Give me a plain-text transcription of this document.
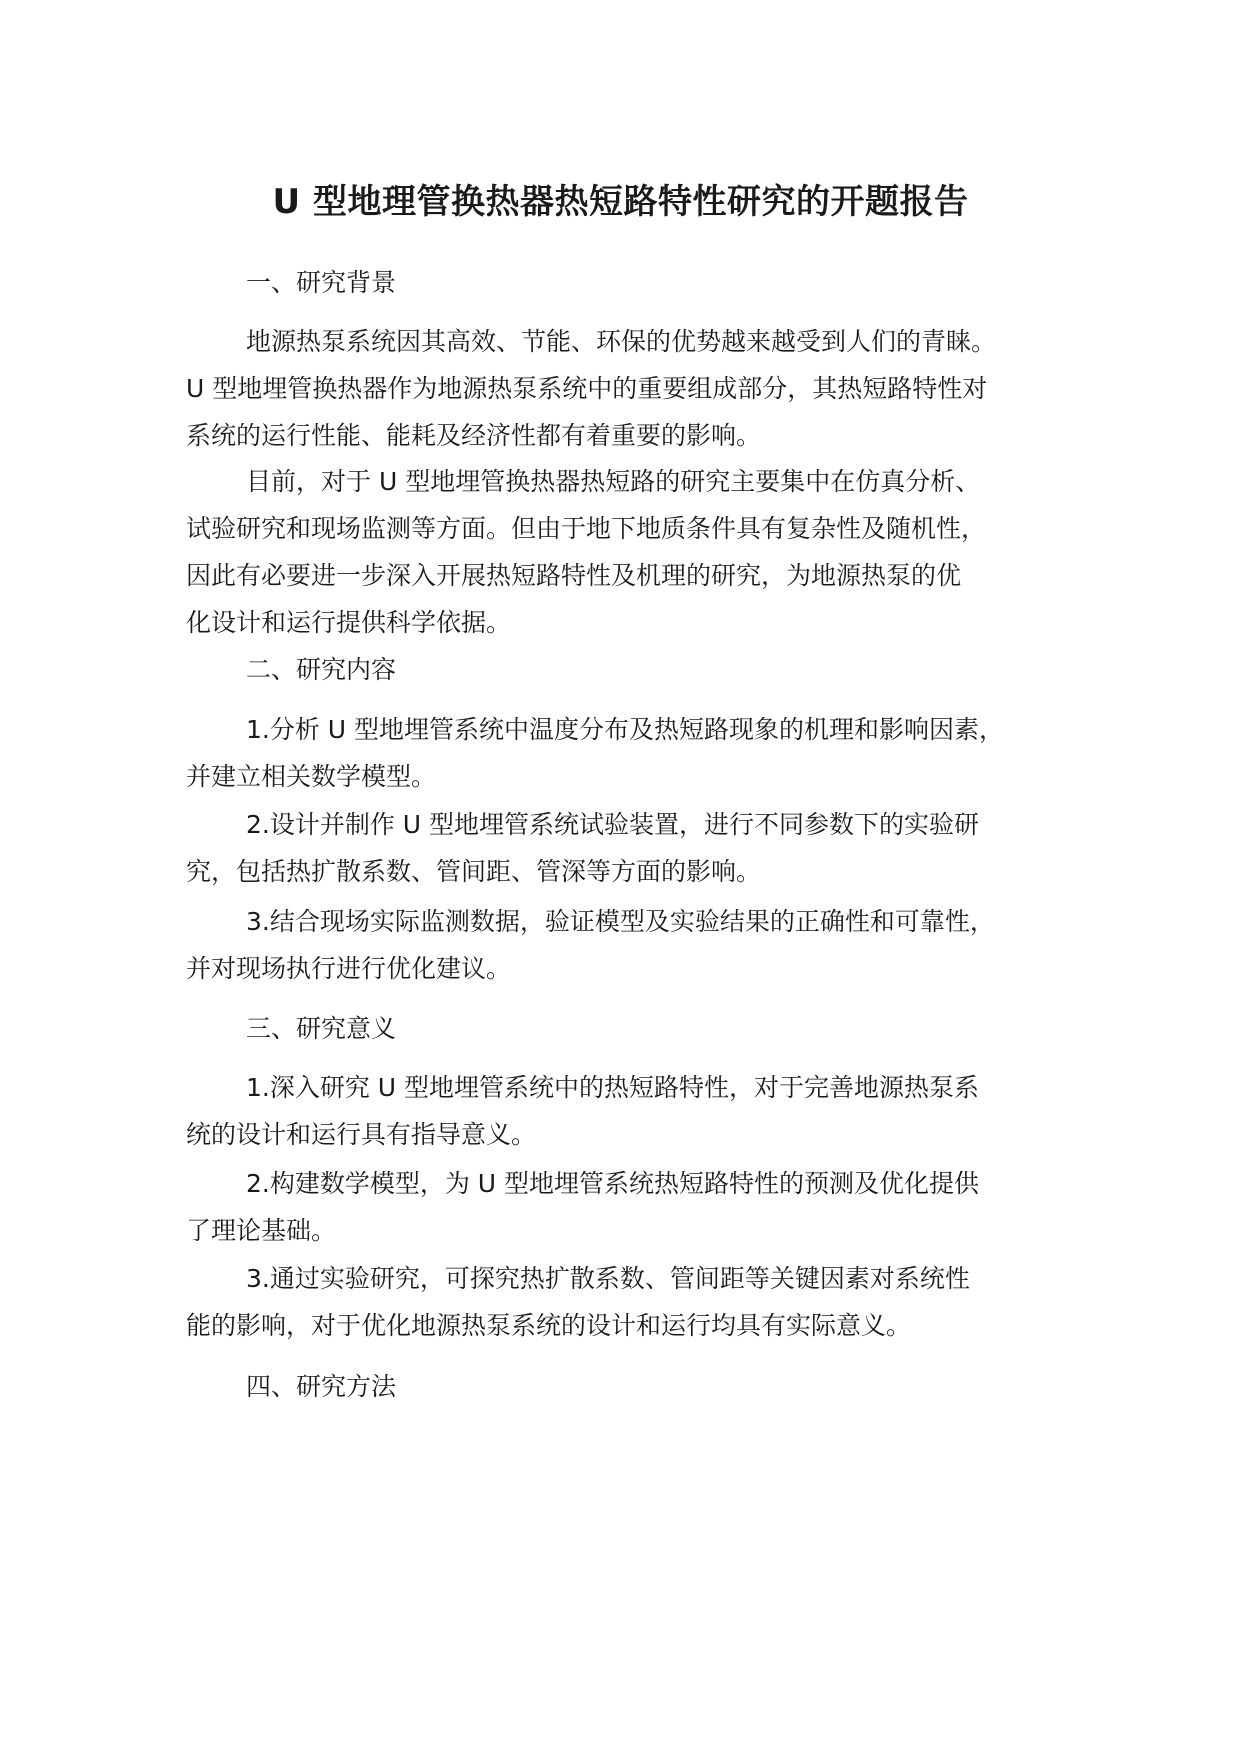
U 型地理管换热器热短路特性研究的开题报告
一、研究背景
地源热泵系统因其高效、节能、环保的优势越来越受到人们的青睐。
U 型地埋管换热器作为地源热泵系统中的重要组成部分，其热短路特性对
系统的运行性能、能耗及经济性都有着重要的影响。
目前，对于 U 型地埋管换热器热短路的研究主要集中在仿真分析、
试验研究和现场监测等方面。但由于地下地质条件具有复杂性及随机性，
因此有必要进一步深入开展热短路特性及机理的研究，为地源热泵的优
化设计和运行提供科学依据。
二、研究内容
1.分析 U 型地埋管系统中温度分布及热短路现象的机理和影响因素，
并建立相关数学模型。
2.设计并制作 U 型地埋管系统试验装置，进行不同参数下的实验研
究，包括热扩散系数、管间距、管深等方面的影响。
3.结合现场实际监测数据，验证模型及实验结果的正确性和可靠性，
并对现场执行进行优化建议。
三、研究意义
1.深入研究 U 型地埋管系统中的热短路特性，对于完善地源热泵系
统的设计和运行具有指导意义。
2.构建数学模型，为 U 型地埋管系统热短路特性的预测及优化提供
了理论基础。
3.通过实验研究，可探究热扩散系数、管间距等关键因素对系统性
能的影响，对于优化地源热泵系统的设计和运行均具有实际意义。
四、研究方法
